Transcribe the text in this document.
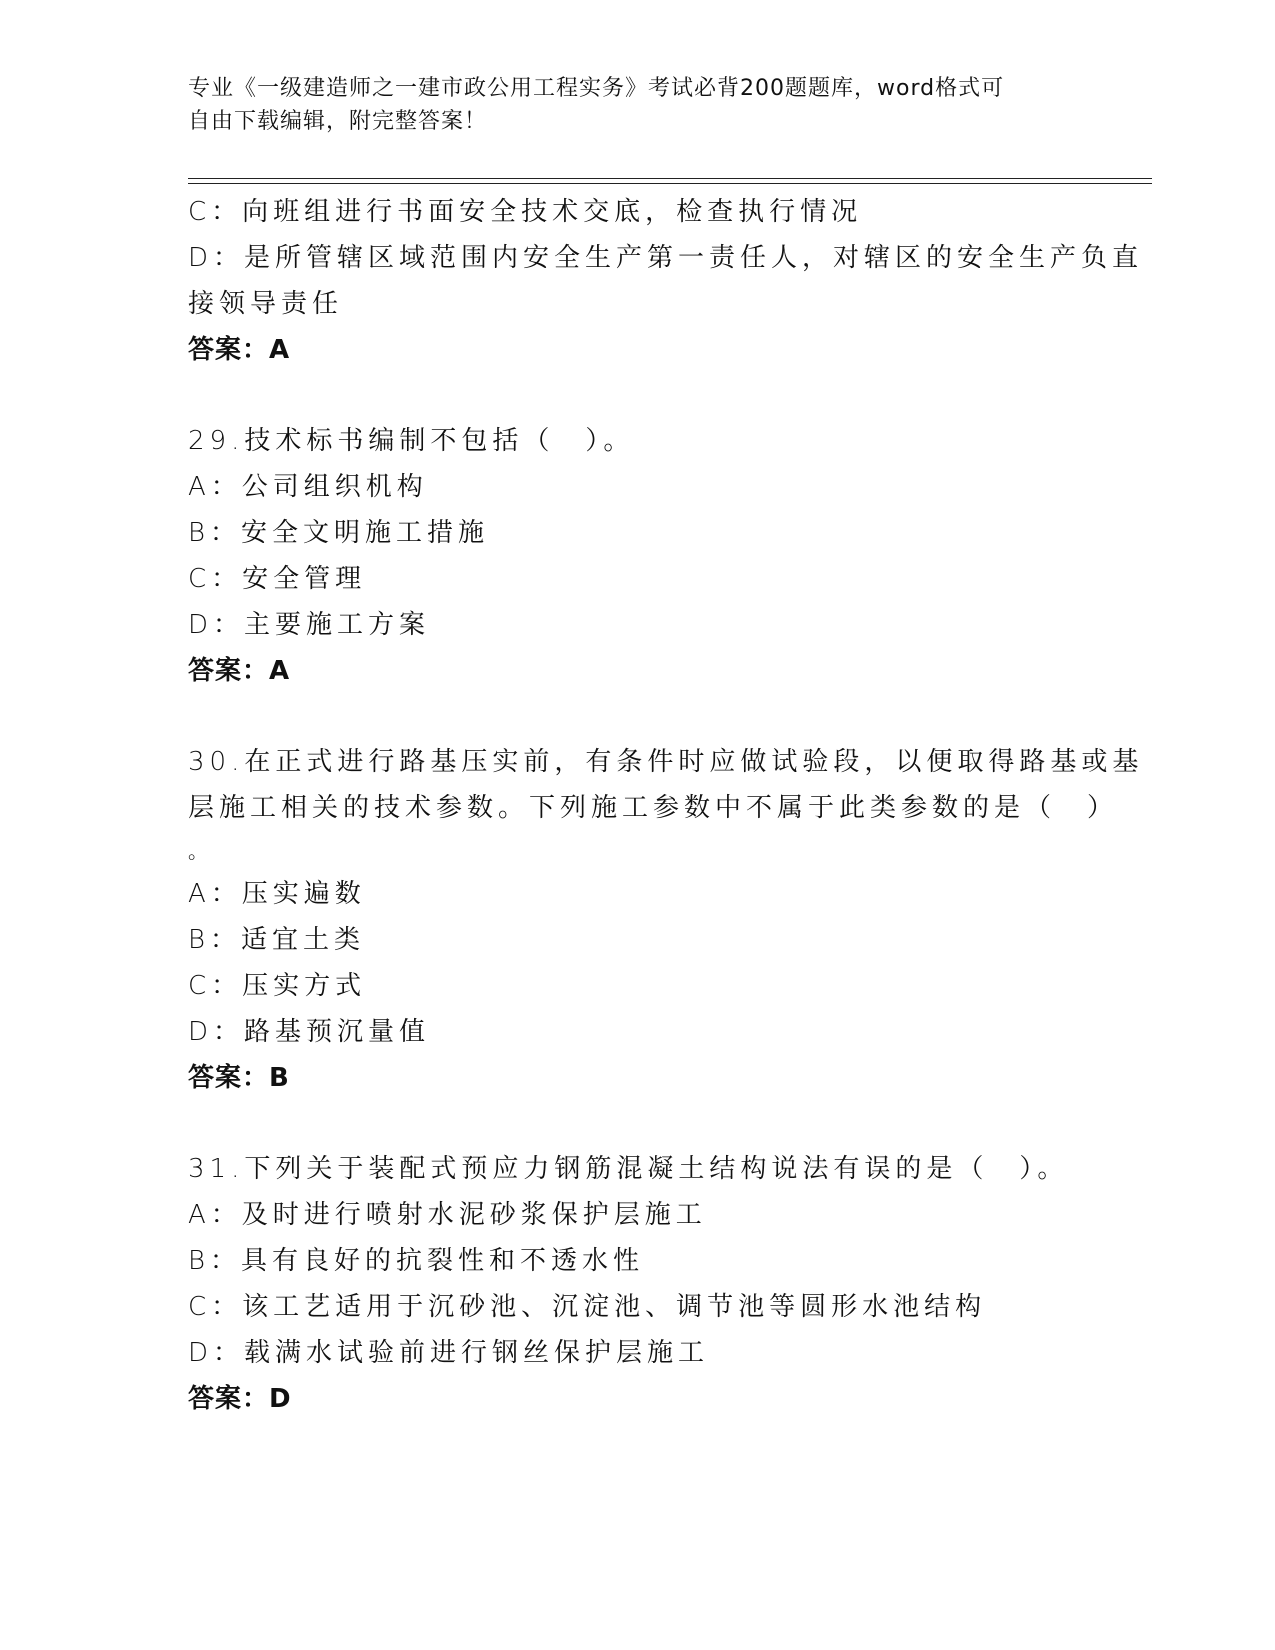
专业《一级建造师之一建市政公用工程实务》考试必背200题题库，word格式可
自由下载编辑，附完整答案！
C：向班组进行书面安全技术交底，检查执行情况
D：是所管辖区域范围内安全生产第一责任人，对辖区的安全生产负直
接领导责任
答案：A
29.技术标书编制不包括（　）。
A：公司组织机构
B：安全文明施工措施
C：安全管理
D：主要施工方案
答案：A
30.在正式进行路基压实前，有条件时应做试验段，以便取得路基或基
层施工相关的技术参数。下列施工参数中不属于此类参数的是（　）
。
A：压实遍数
B：适宜土类
C：压实方式
D：路基预沉量值
答案：B
31.下列关于装配式预应力钢筋混凝土结构说法有误的是（　）。
A：及时进行喷射水泥砂浆保护层施工
B：具有良好的抗裂性和不透水性
C：该工艺适用于沉砂池、沉淀池、调节池等圆形水池结构
D：载满水试验前进行钢丝保护层施工
答案：D
